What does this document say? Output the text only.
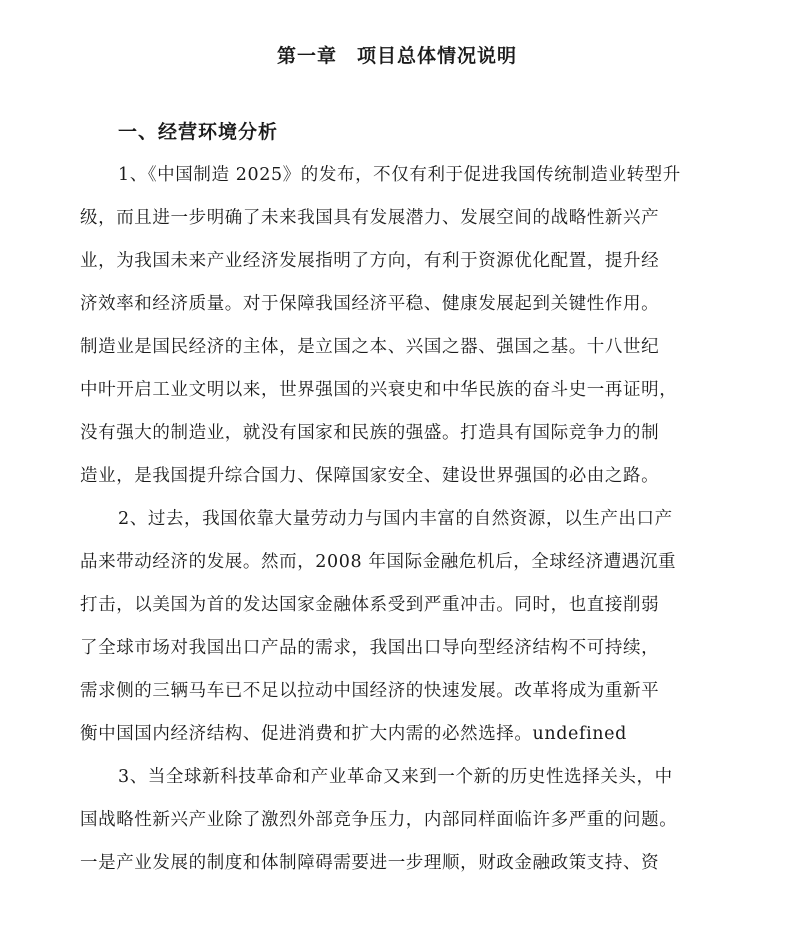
第一章　项目总体情况说明
一、经营环境分析
1、《中国制造 2025》的发布，不仅有利于促进我国传统制造业转型升
级，而且进一步明确了未来我国具有发展潜力、发展空间的战略性新兴产
业，为我国未来产业经济发展指明了方向，有利于资源优化配置，提升经
济效率和经济质量。对于保障我国经济平稳、健康发展起到关键性作用。
制造业是国民经济的主体，是立国之本、兴国之器、强国之基。十八世纪
中叶开启工业文明以来，世界强国的兴衰史和中华民族的奋斗史一再证明，
没有强大的制造业，就没有国家和民族的强盛。打造具有国际竞争力的制
造业，是我国提升综合国力、保障国家安全、建设世界强国的必由之路。
2、过去，我国依靠大量劳动力与国内丰富的自然资源，以生产出口产
品来带动经济的发展。然而，2008 年国际金融危机后，全球经济遭遇沉重
打击，以美国为首的发达国家金融体系受到严重冲击。同时，也直接削弱
了全球市场对我国出口产品的需求，我国出口导向型经济结构不可持续，
需求侧的三辆马车已不足以拉动中国经济的快速发展。改革将成为重新平
衡中国国内经济结构、促进消费和扩大内需的必然选择。undefined
3、当全球新科技革命和产业革命又来到一个新的历史性选择关头，中
国战略性新兴产业除了激烈外部竞争压力，内部同样面临许多严重的问题。
一是产业发展的制度和体制障碍需要进一步理顺，财政金融政策支持、资
